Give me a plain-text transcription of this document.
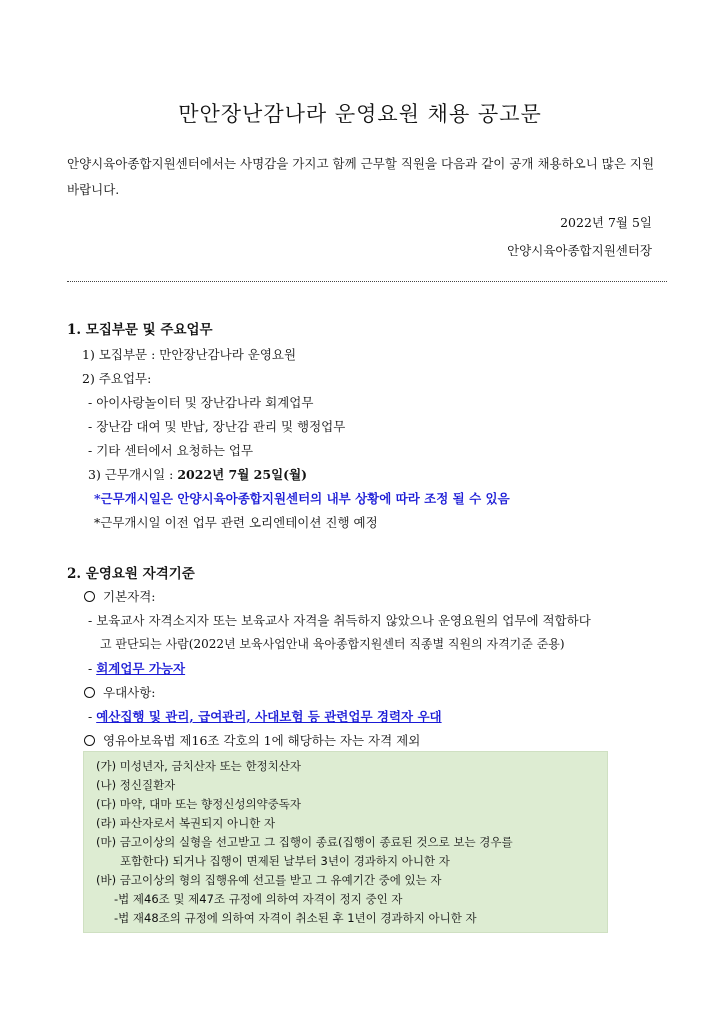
만안장난감나라 운영요원 채용 공고문
안양시육아종합지원센터에서는 사명감을 가지고 함께 근무할 직원을 다음과 같이 공개 채용하오니 많은 지원 바랍니다.
2022년 7월 5일
안양시육아종합지원센터장
1. 모집부문 및 주요업무
1) 모집부문 : 만안장난감나라 운영요원
2) 주요업무:
- 아이사랑놀이터 및 장난감나라 회계업무
- 장난감 대여 및 반납, 장난감 관리 및 행정업무
- 기타 센터에서 요청하는 업무
3) 근무개시일 : 2022년 7월 25일(월)
*근무개시일은 안양시육아종합지원센터의 내부 상황에 따라 조정 될 수 있음
*근무개시일 이전 업무 관련 오리엔테이션 진행 예정
2. 운영요원 자격기준
기본자격:
- 보육교사 자격소지자 또는 보육교사 자격을 취득하지 않았으나 운영요원의 업무에 적합하다
고 판단되는 사람(2022년 보육사업안내 육아종합지원센터 직종별 직원의 자격기준 준용)
- 회계업무 가능자
우대사항:
- 예산집행 및 관리, 급여관리, 사대보험 등 관련업무 경력자 우대
영유아보육법 제16조 각호의 1에 해당하는 자는 자격 제외
(가) 미성년자, 금치산자 또는 한정치산자
(나) 정신질환자
(다) 마약, 대마 또는 향정신성의약중독자
(라) 파산자로서 복권되지 아니한 자
(마) 금고이상의 실형을 선고받고 그 집행이 종료(집행이 종료된 것으로 보는 경우를
포함한다) 되거나 집행이 면제된 날부터 3년이 경과하지 아니한 자
(바) 금고이상의 형의 집행유예 선고를 받고 그 유예기간 중에 있는 자
-법 제46조 및 제47조 규정에 의하여 자격이 정지 중인 자
-법 재48조의 규정에 의하여 자격이 취소된 후 1년이 경과하지 아니한 자
